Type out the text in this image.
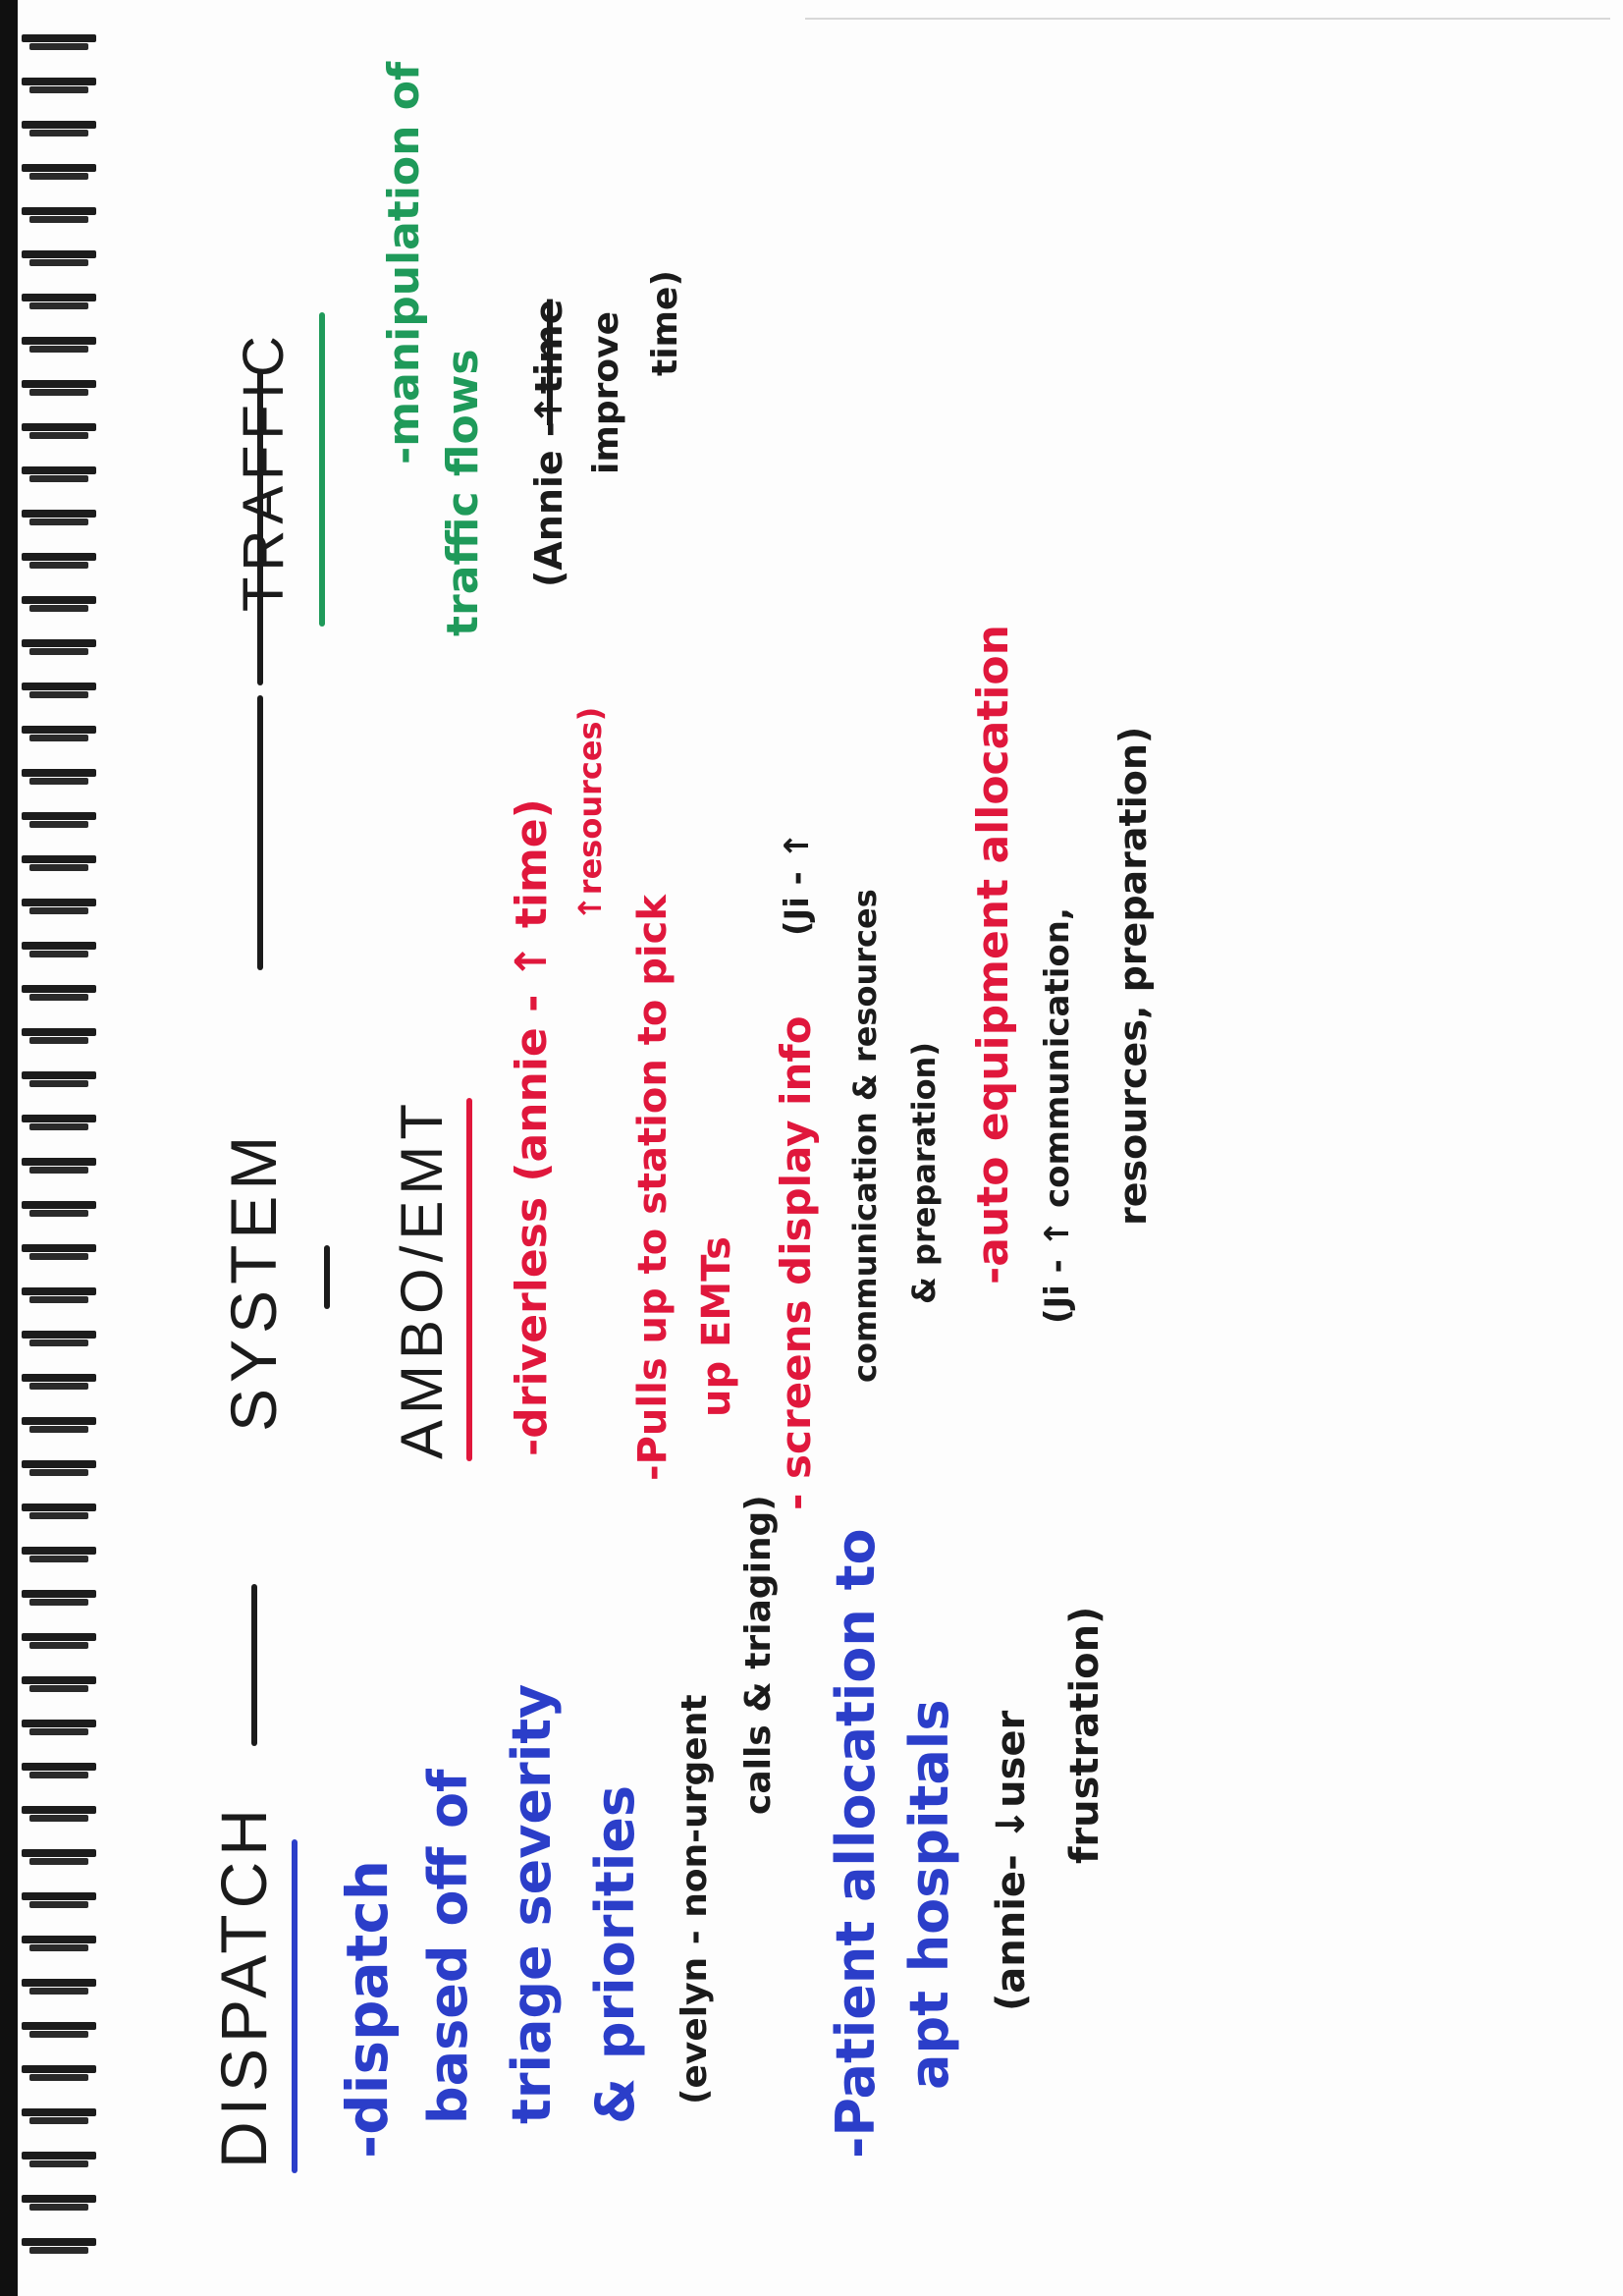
DISPATCH
SYSTEM
TRAFFIC
AMBO/EMT
-dispatch based off of triage severity & priorities (evelyn - non-urgent
calls & triaging) -Patient allocation to apt hospitals (annie- ↓user frustration)
-driverless (annie - ↑ time) ↑resources)
-Pulls up to station to pick up EMTs - screens display info
(Ji - ↑
communication & resources & preparation) -auto equipment allocation (Ji - ↑ communication, resources, preparation)
-manipulation of
traffic flows (Annie -
↑time improve time)
